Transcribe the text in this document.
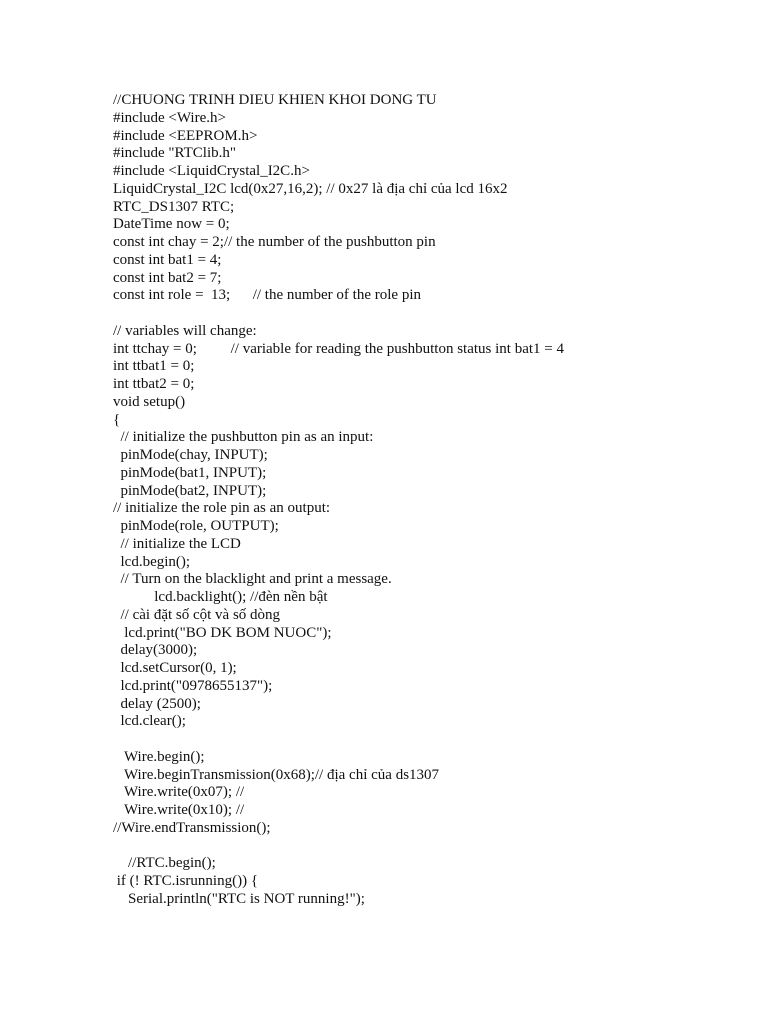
//CHUONG TRINH DIEU KHIEN KHOI DONG TU
#include <Wire.h>
#include <EEPROM.h>
#include "RTClib.h"
#include <LiquidCrystal_I2C.h>
LiquidCrystal_I2C lcd(0x27,16,2); // 0x27 là địa chỉ của lcd 16x2
RTC_DS1307 RTC;
DateTime now = 0;
const int chay = 2;// the number of the pushbutton pin
const int bat1 = 4;
const int bat2 = 7;
const int role =  13;      // the number of the role pin
// variables will change:
int ttchay = 0;         // variable for reading the pushbutton status int bat1 = 4
int ttbat1 = 0;
int ttbat2 = 0;
void setup()
{
// initialize the pushbutton pin as an input:
pinMode(chay, INPUT);
pinMode(bat1, INPUT);
pinMode(bat2, INPUT);
// initialize the role pin as an output:
pinMode(role, OUTPUT);
// initialize the LCD
lcd.begin();
// Turn on the blacklight and print a message.
lcd.backlight(); //đèn nền bật
// cài đặt số cột và số dòng
lcd.print("BO DK BOM NUOC");
delay(3000);
lcd.setCursor(0, 1);
lcd.print("0978655137");
delay (2500);
lcd.clear();
Wire.begin();
Wire.beginTransmission(0x68);// địa chỉ của ds1307
Wire.write(0x07); //
Wire.write(0x10); //
//Wire.endTransmission();
//RTC.begin();
if (! RTC.isrunning()) {
Serial.println("RTC is NOT running!");
